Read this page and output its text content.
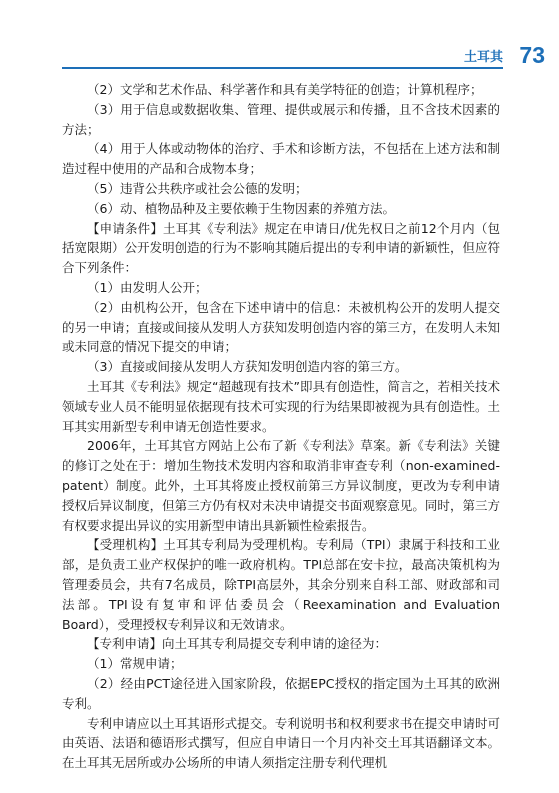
土耳其 73

（2）文学和艺术作品、科学著作和具有美学特征的创造；计算机程序；

（3）用于信息或数据收集、管理、提供或展示和传播，且不含技术因素的方法；

（4）用于人体或动物体的治疗、手术和诊断方法，不包括在上述方法和制造过程中使用的产品和合成物本身；

（5）违背公共秩序或社会公德的发明；

（6）动、植物品种及主要依赖于生物因素的养殖方法。

【申请条件】土耳其《专利法》规定在申请日/优先权日之前12个月内（包括宽限期）公开发明创造的行为不影响其随后提出的专利申请的新颖性，但应符合下列条件：

（1）由发明人公开；

（2）由机构公开，包含在下述申请中的信息：未被机构公开的发明人提交的另一申请；直接或间接从发明人方获知发明创造内容的第三方，在发明人未知或未同意的情况下提交的申请；

（3）直接或间接从发明人方获知发明创造内容的第三方。

土耳其《专利法》规定“超越现有技术”即具有创造性，简言之，若相关技术领域专业人员不能明显依据现有技术可实现的行为结果即被视为具有创造性。土耳其实用新型专利申请无创造性要求。

2006年，土耳其官方网站上公布了新《专利法》草案。新《专利法》关键的修订之处在于：增加生物技术发明内容和取消非审查专利（non-examined-patent）制度。此外，土耳其将废止授权前第三方异议制度，更改为专利申请授权后异议制度，但第三方仍有权对未决申请提交书面观察意见。同时，第三方有权要求提出异议的实用新型申请出具新颖性检索报告。

【受理机构】土耳其专利局为受理机构。专利局（TPI）隶属于科技和工业部，是负责工业产权保护的唯一政府机构。TPI总部在安卡拉，最高决策机构为管理委员会，共有7名成员，除TPI高层外，其余分别来自科工部、财政部和司法部。TPI设有复审和评估委员会（Reexamination and Evaluation Board），受理授权专利异议和无效请求。

【专利申请】向土耳其专利局提交专利申请的途径为：

（1）常规申请；

（2）经由PCT途径进入国家阶段，依据EPC授权的指定国为土耳其的欧洲专利。

专利申请应以土耳其语形式提交。专利说明书和权利要求书在提交申请时可由英语、法语和德语形式撰写，但应自申请日一个月内补交土耳其语翻译文本。在土耳其无居所或办公场所的申请人须指定注册专利代理机
